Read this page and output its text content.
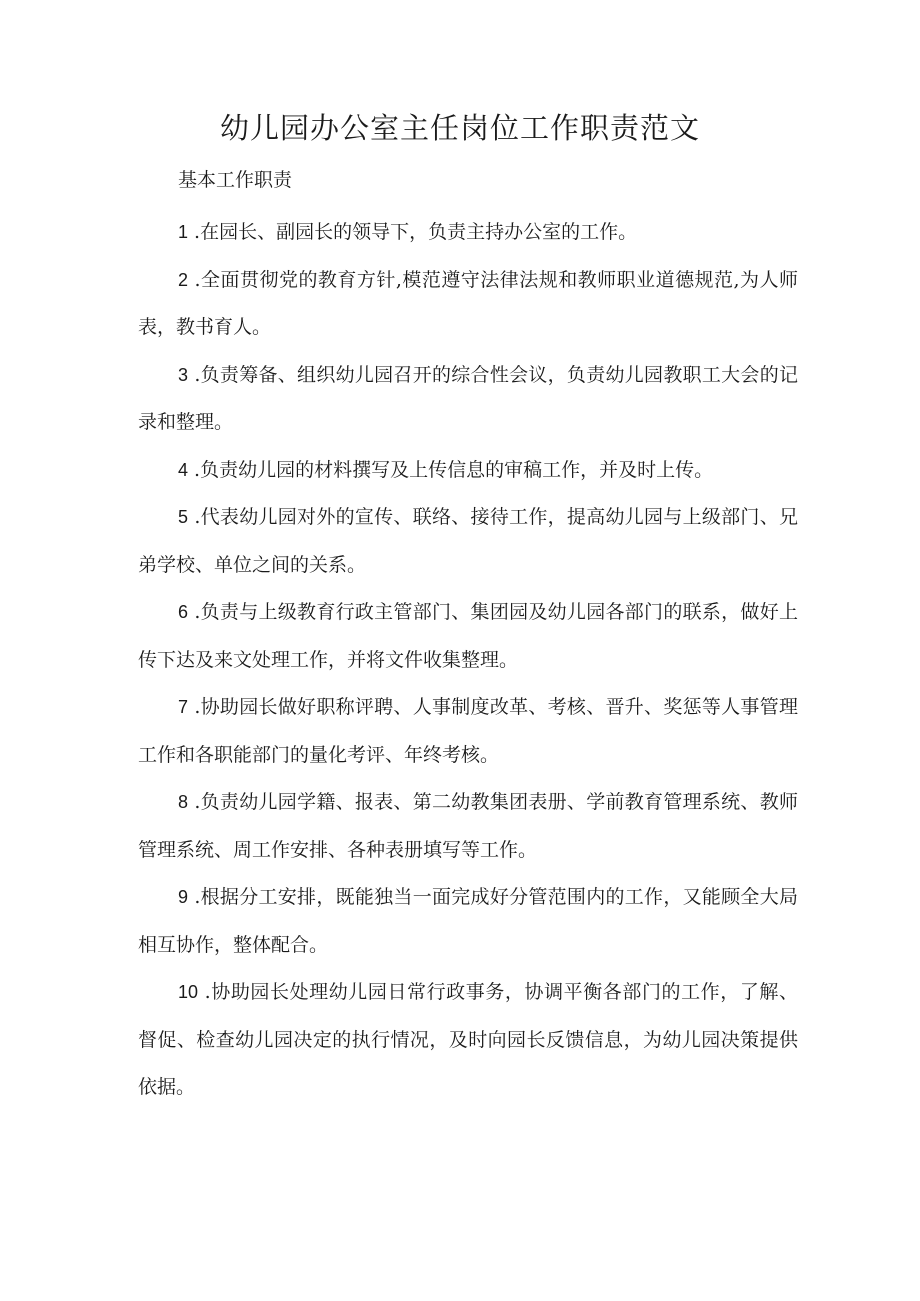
幼儿园办公室主任岗位工作职责范文

基本工作职责

1 .在园长、副园长的领导下，负责主持办公室的工作。

2 .全面贯彻党的教育方针,模范遵守法律法规和教师职业道德规范,为人师表，教书育人。

3 .负责筹备、组织幼儿园召开的综合性会议，负责幼儿园教职工大会的记录和整理。

4 .负责幼儿园的材料撰写及上传信息的审稿工作，并及时上传。

5 .代表幼儿园对外的宣传、联络、接待工作，提高幼儿园与上级部门、兄弟学校、单位之间的关系。

6 .负责与上级教育行政主管部门、集团园及幼儿园各部门的联系，做好上传下达及来文处理工作，并将文件收集整理。

7 .协助园长做好职称评聘、人事制度改革、考核、晋升、奖惩等人事管理工作和各职能部门的量化考评、年终考核。

8 .负责幼儿园学籍、报表、第二幼教集团表册、学前教育管理系统、教师管理系统、周工作安排、各种表册填写等工作。

9 .根据分工安排，既能独当一面完成好分管范围内的工作，又能顾全大局相互协作，整体配合。

10 .协助园长处理幼儿园日常行政事务，协调平衡各部门的工作，了解、督促、检查幼儿园决定的执行情况，及时向园长反馈信息，为幼儿园决策提供依据。
